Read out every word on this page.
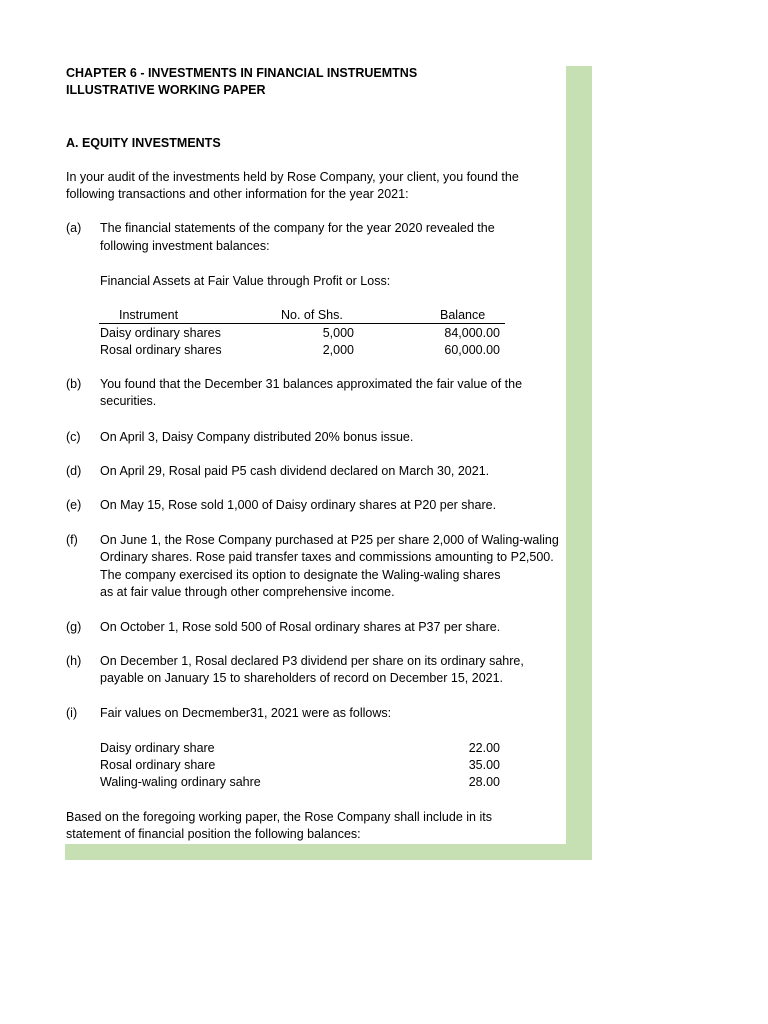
CHAPTER 6 - INVESTMENTS IN FINANCIAL INSTRUEMTNS
ILLUSTRATIVE WORKING PAPER
A. EQUITY INVESTMENTS
In your audit of the investments held by Rose Company, your client, you found the
following transactions and other information for the year 2021:
(a) The financial statements of the company for the year 2020 revealed the
following investment balances:
Financial Assets at Fair Value through Profit or Loss:
Instrument	No. of Shs.	Balance
Daisy ordinary shares	5,000	84,000.00
Rosal ordinary shares	2,000	60,000.00
(b) You found that the December 31 balances approximated the fair value of the
securities.
(c) On April 3, Daisy Company distributed 20% bonus issue.
(d) On April 29, Rosal paid P5 cash dividend declared on March 30, 2021.
(e) On May 15, Rose sold 1,000 of Daisy ordinary shares at P20 per share.
(f) On June 1, the Rose Company purchased at P25 per share 2,000 of Waling-waling
Ordinary shares. Rose paid transfer taxes and commissions amounting to P2,500.
The company exercised its option to designate the Waling-waling shares
as at fair value through other comprehensive income.
(g) On October 1, Rose sold 500 of Rosal ordinary shares at P37 per share.
(h) On December 1, Rosal declared P3 dividend per share on its ordinary sahre,
payable on January 15 to shareholders of record on December 15, 2021.
(i) Fair values on Decmember31, 2021 were as follows:
Daisy ordinary share	22.00
Rosal ordinary share	35.00
Waling-waling ordinary sahre	28.00
Based on the foregoing working paper, the Rose Company shall include in its
statement of financial position the following balances:
